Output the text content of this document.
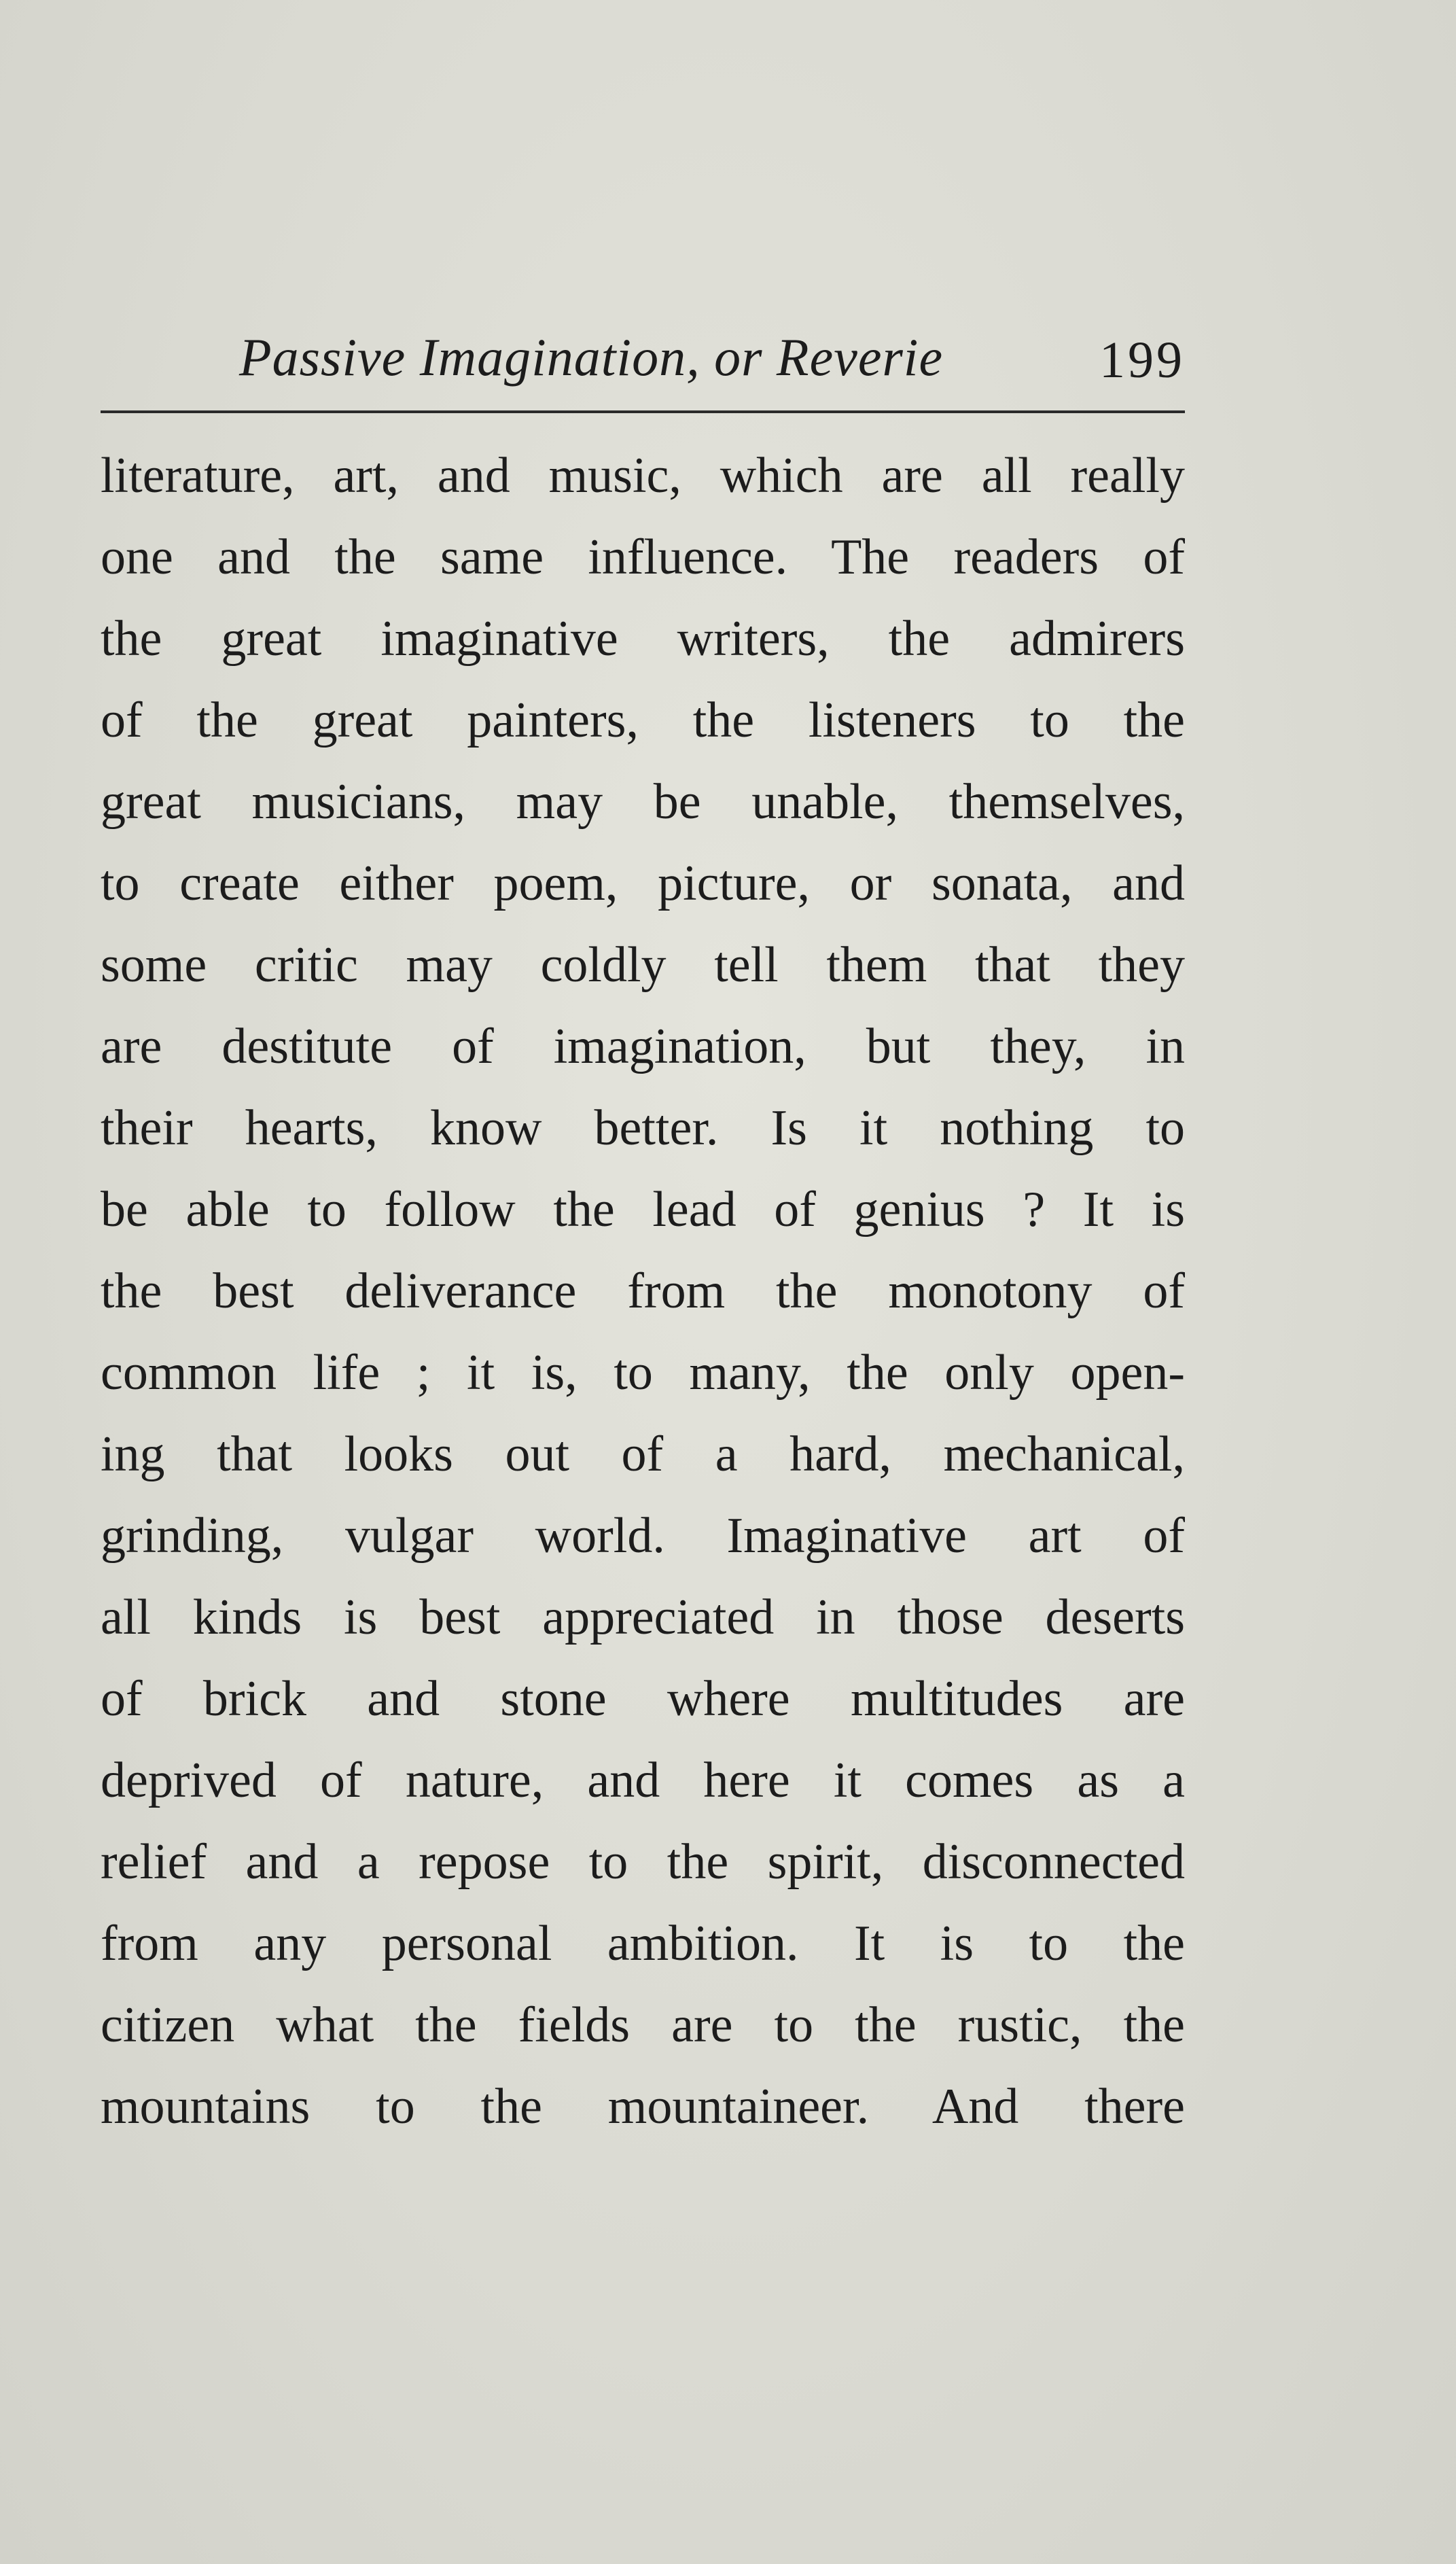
Passive Imagination, or Reverie	199
literature, art, and music, which are all really
one and the same influence. The readers of
the great imaginative writers, the admirers
of the great painters, the listeners to the
great musicians, may be unable, themselves,
to create either poem, picture, or sonata, and
some critic may coldly tell them that they
are destitute of imagination, but they, in
their hearts, know better. Is it nothing to
be able to follow the lead of genius ? It is
the best deliverance from the monotony of
common life ; it is, to many, the only open-
ing that looks out of a hard, mechanical,
grinding, vulgar world. Imaginative art of
all kinds is best appreciated in those deserts
of brick and stone where multitudes are
deprived of nature, and here it comes as a
relief and a repose to the spirit, disconnected
from any personal ambition. It is to the
citizen what the fields are to the rustic, the
mountains to the mountaineer. And there
